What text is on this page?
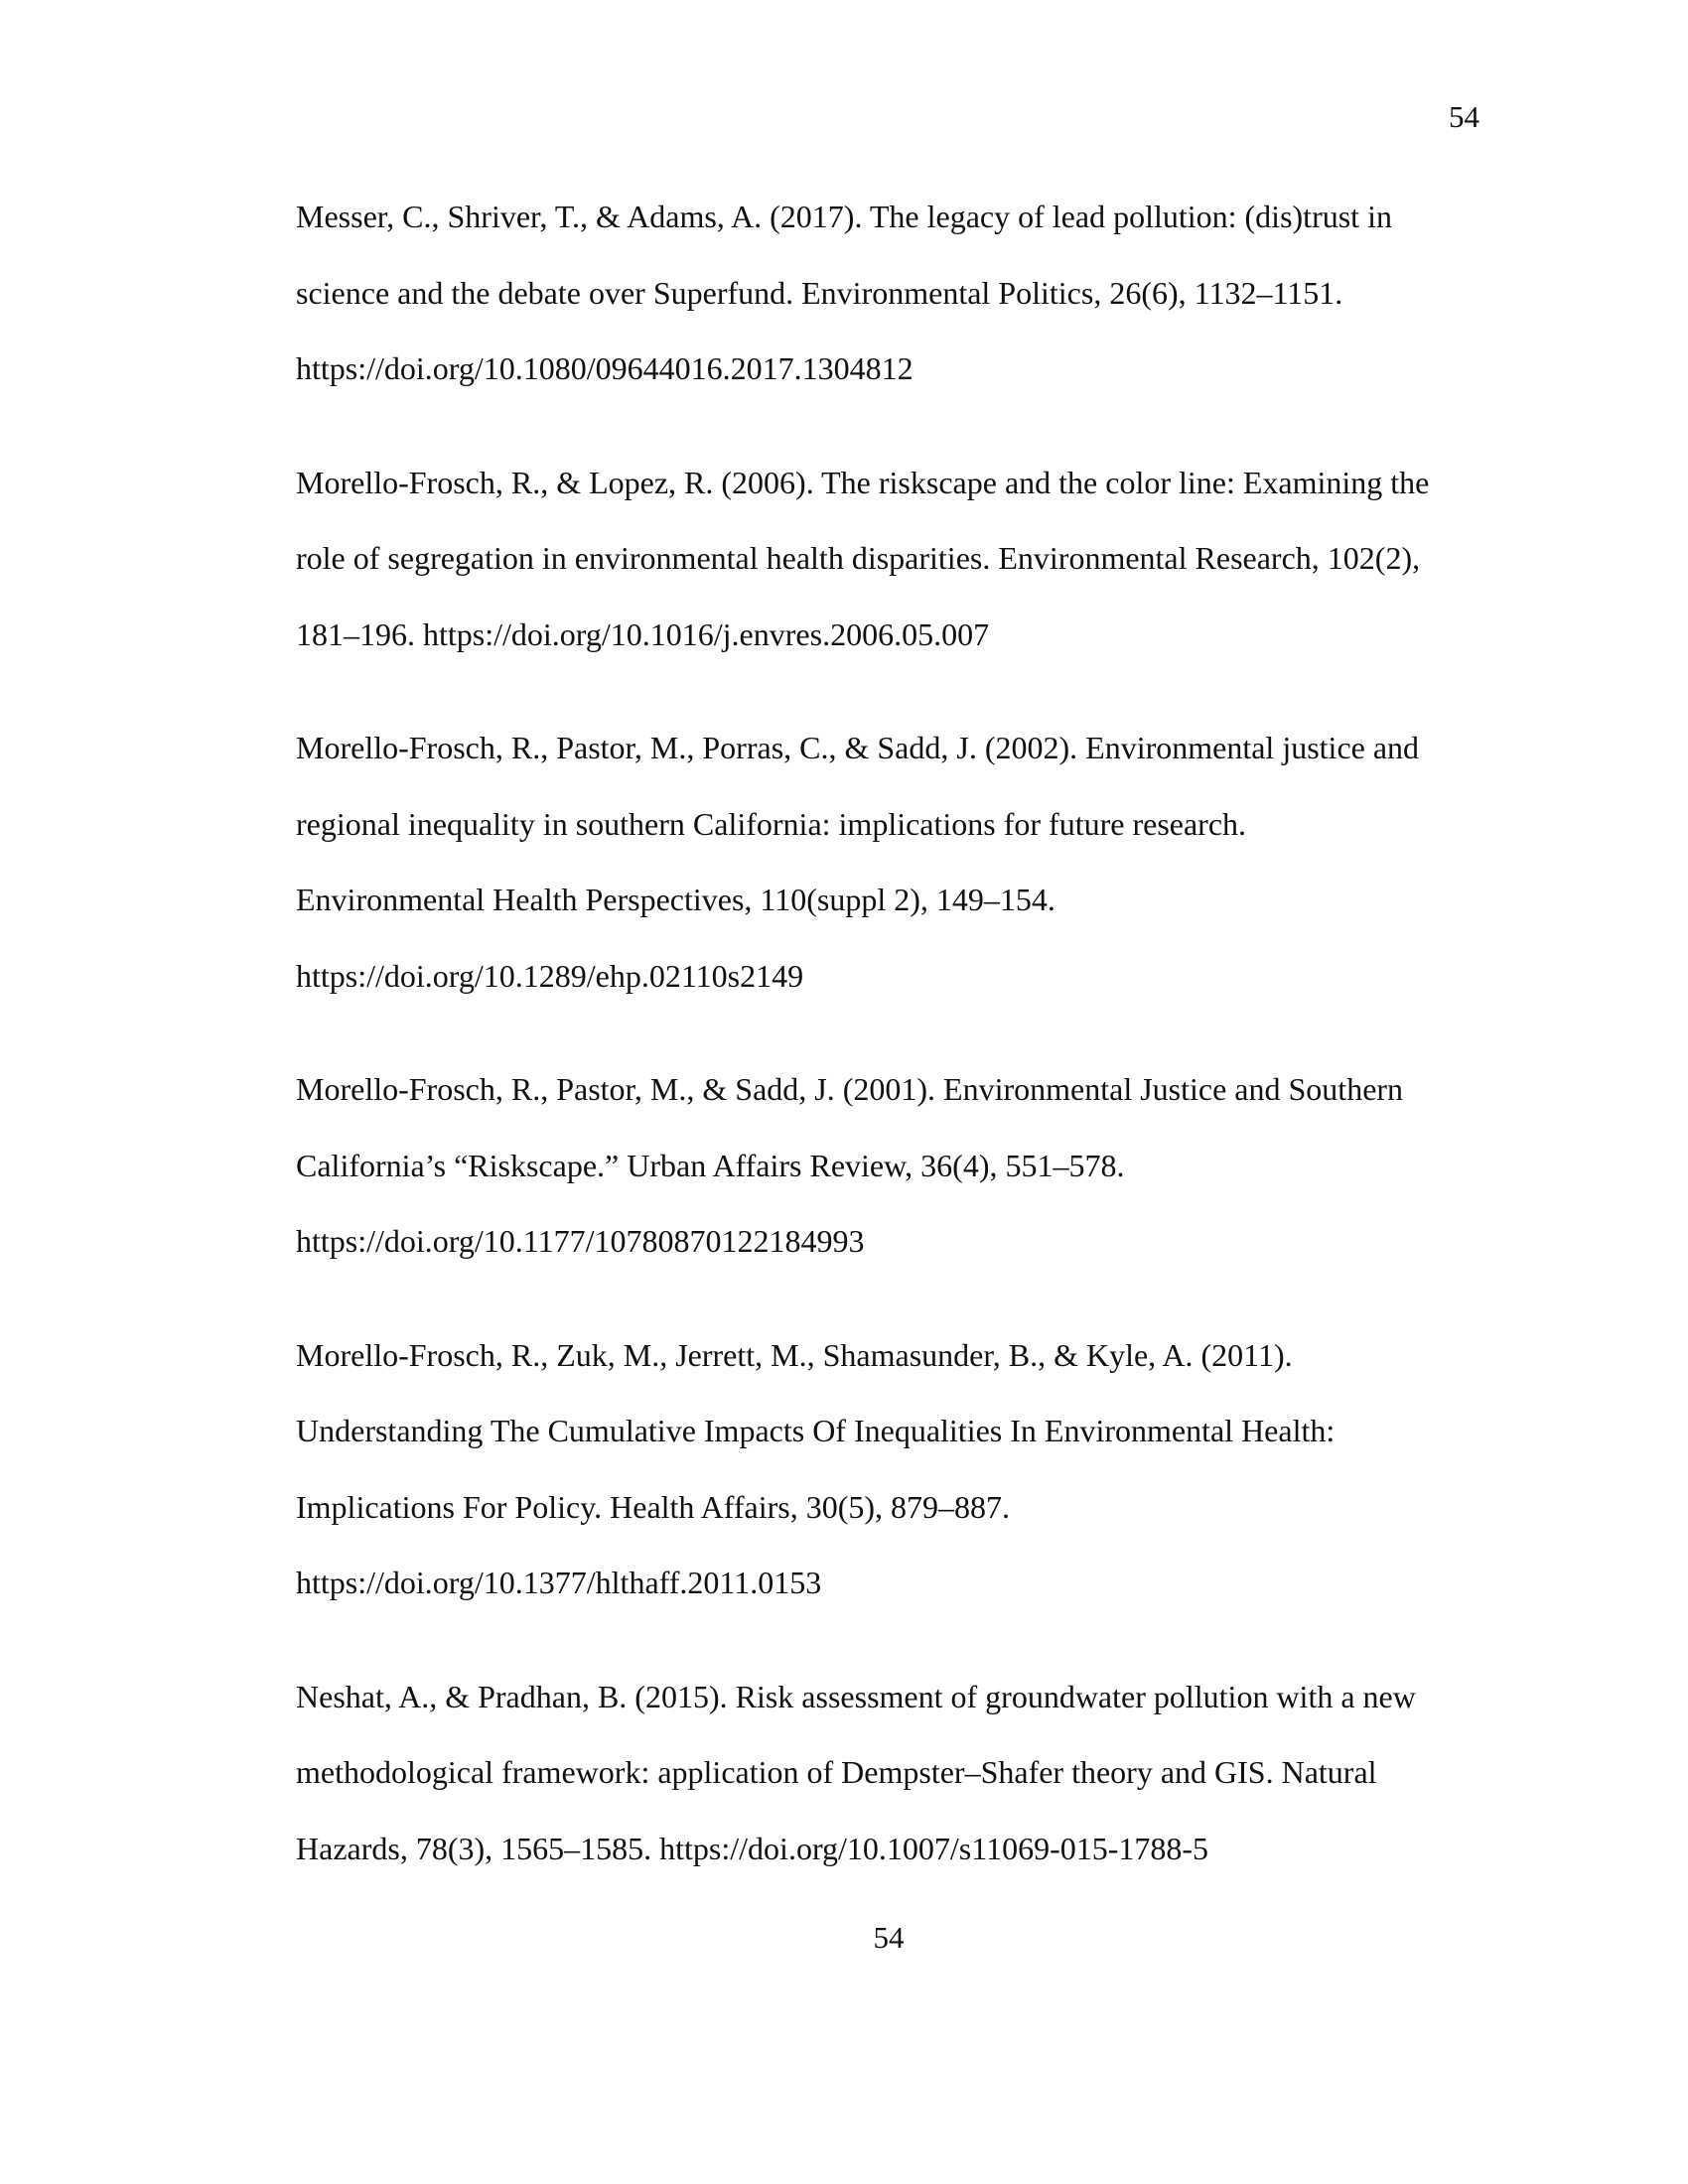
54
Messer, C., Shriver, T., & Adams, A. (2017). The legacy of lead pollution: (dis)trust in
science and the debate over Superfund. Environmental Politics, 26(6), 1132–1151.
https://doi.org/10.1080/09644016.2017.1304812
Morello-Frosch, R., & Lopez, R. (2006). The riskscape and the color line: Examining the
role of segregation in environmental health disparities. Environmental Research, 102(2),
181–196. https://doi.org/10.1016/j.envres.2006.05.007
Morello-Frosch, R., Pastor, M., Porras, C., & Sadd, J. (2002). Environmental justice and
regional inequality in southern California: implications for future research.
Environmental Health Perspectives, 110(suppl 2), 149–154.
https://doi.org/10.1289/ehp.02110s2149
Morello-Frosch, R., Pastor, M., & Sadd, J. (2001). Environmental Justice and Southern
California’s “Riskscape.” Urban Affairs Review, 36(4), 551–578.
https://doi.org/10.1177/10780870122184993
Morello-Frosch, R., Zuk, M., Jerrett, M., Shamasunder, B., & Kyle, A. (2011).
Understanding The Cumulative Impacts Of Inequalities In Environmental Health:
Implications For Policy. Health Affairs, 30(5), 879–887.
https://doi.org/10.1377/hlthaff.2011.0153
Neshat, A., & Pradhan, B. (2015). Risk assessment of groundwater pollution with a new
methodological framework: application of Dempster–Shafer theory and GIS. Natural
Hazards, 78(3), 1565–1585. https://doi.org/10.1007/s11069-015-1788-5
54
